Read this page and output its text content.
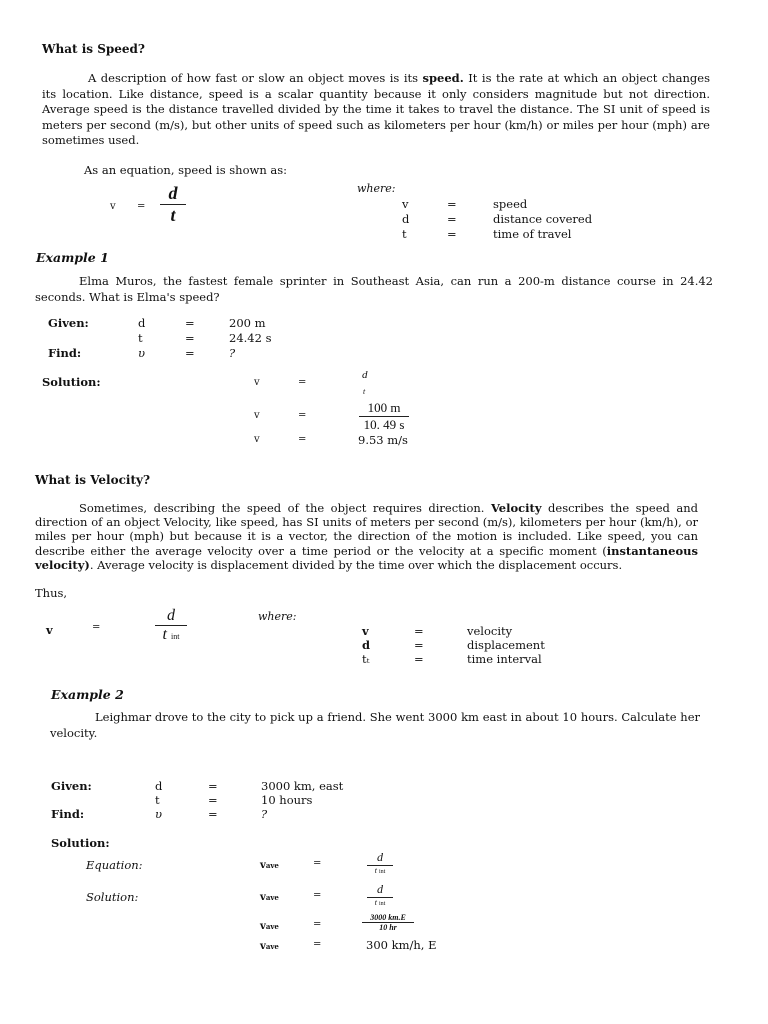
What is Speed?
A description of how fast or slow an object moves is its speed. It is the rate at which an object changes its location. Like distance, speed is a scalar quantity because it only considers magnitude but not direction. Average speed is the distance travelled divided by the time it takes to travel the distance. The SI unit of speed is meters per second (m/s), but other units of speed such as kilometers per hour (km/h) or miles per hour (mph) are sometimes used.
As an equation, speed is shown as:
$v = \frac{d}{t}$	where:
v	=	speed
d	=	distance covered
t	=	time of travel
Example 1
Elma Muros, the fastest female sprinter in Southeast Asia, can run a 200-m distance course in 24.42 seconds. What is Elma's speed?
Given:	d	=	200 m
t	=	24.42 s
Find:	υ	=	?
Solution:	v	=
d
t
v	=	$\frac{100 m}{10. 49 s}$
v	=	9.53 m/s
What is Velocity?
Sometimes, describing the speed of the object requires direction. Velocity describes the speed and direction of an object Velocity, like speed, has SI units of meters per second (m/s), kilometers per hour (km/h), or miles per hour (mph) but because it is a vector, the direction of the motion is included. Like speed, you can describe either the average velocity over a time period or the velocity at a specific moment (instantaneous velocity). Average velocity is displacement divided by the time over which the displacement occurs.
Thus,
v	=
d
t int
where:
v	=	velocity
d	=	displacement
tₜ	=	time interval
Example 2
Leighmar drove to the city to pick up a friend. She went 3000 km east in about 10 hours. Calculate her velocity.
Given:	d	=	3000 km, east
t	=	10 hours
Find:	υ	=	?
Solution:
Equation:
Solution:
vave	=	d
t int
vave	=	d
t int
vave	=	$\frac{3000 km.E}{10 hr}$
vave	=	300 km/h, E
